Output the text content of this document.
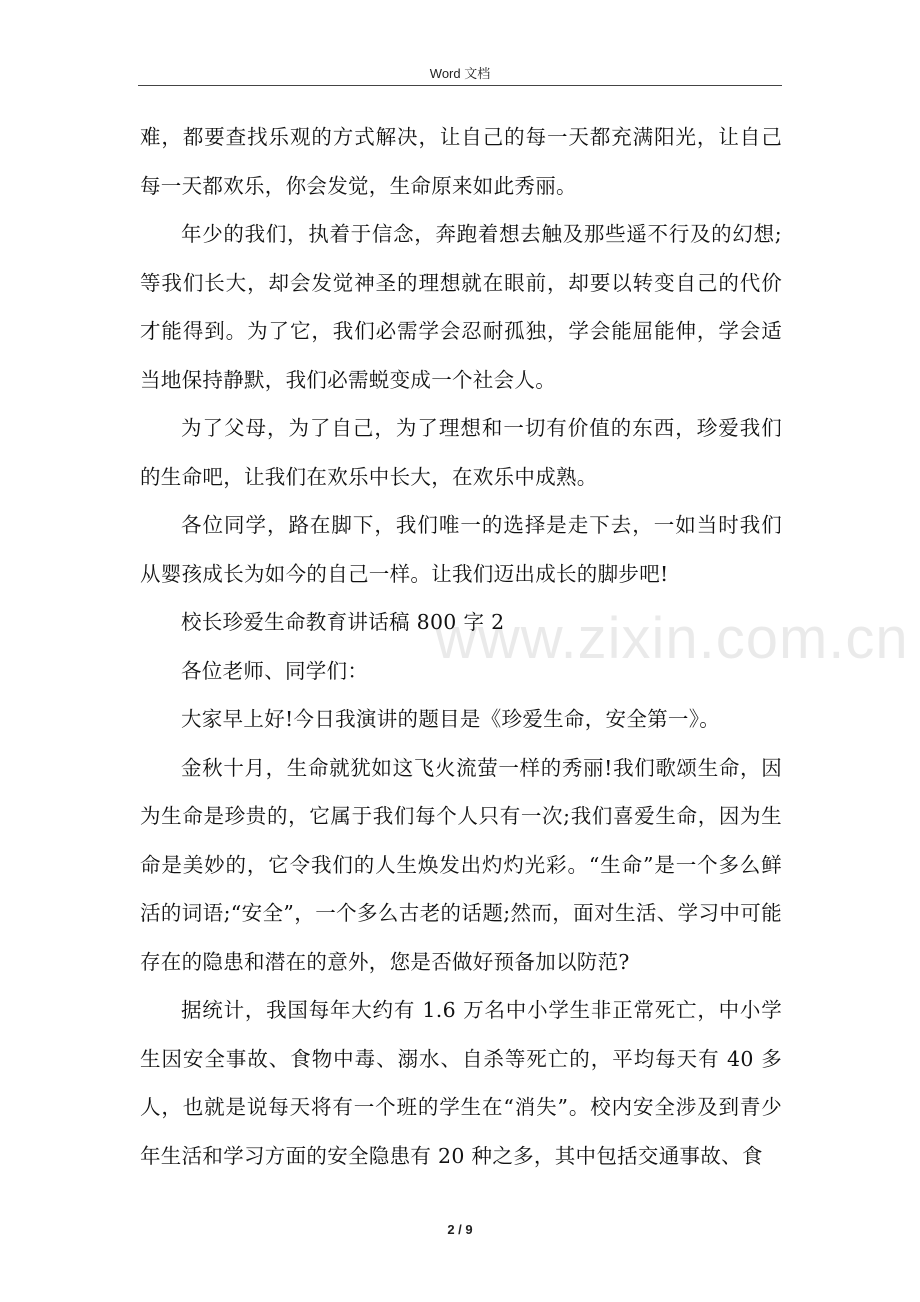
Word 文档

难，都要查找乐观的方式解决，让自己的每一天都充满阳光，让自己每一天都欢乐，你会发觉，生命原来如此秀丽。

年少的我们，执着于信念，奔跑着想去触及那些遥不行及的幻想;等我们长大，却会发觉神圣的理想就在眼前，却要以转变自己的代价才能得到。为了它，我们必需学会忍耐孤独，学会能屈能伸，学会适当地保持静默，我们必需蜕变成一个社会人。

为了父母，为了自己，为了理想和一切有价值的东西，珍爱我们的生命吧，让我们在欢乐中长大，在欢乐中成熟。

各位同学，路在脚下，我们唯一的选择是走下去，一如当时我们从婴孩成长为如今的自己一样。让我们迈出成长的脚步吧!

校长珍爱生命教育讲话稿 800 字 2

各位老师、同学们：

大家早上好!今日我演讲的题目是《珍爱生命，安全第一》。

金秋十月，生命就犹如这飞火流萤一样的秀丽!我们歌颂生命，因为生命是珍贵的，它属于我们每个人只有一次;我们喜爱生命，因为生命是美妙的，它令我们的人生焕发出灼灼光彩。“生命”是一个多么鲜活的词语;“安全”，一个多么古老的话题;然而，面对生活、学习中可能存在的隐患和潜在的意外，您是否做好预备加以防范?

据统计，我国每年大约有 1.6 万名中小学生非正常死亡，中小学生因安全事故、食物中毒、溺水、自杀等死亡的，平均每天有 40 多人，也就是说每天将有一个班的学生在“消失”。校内安全涉及到青少年生活和学习方面的安全隐患有 20 种之多，其中包括交通事故、食

www.zixin.com.cn
2 / 9
